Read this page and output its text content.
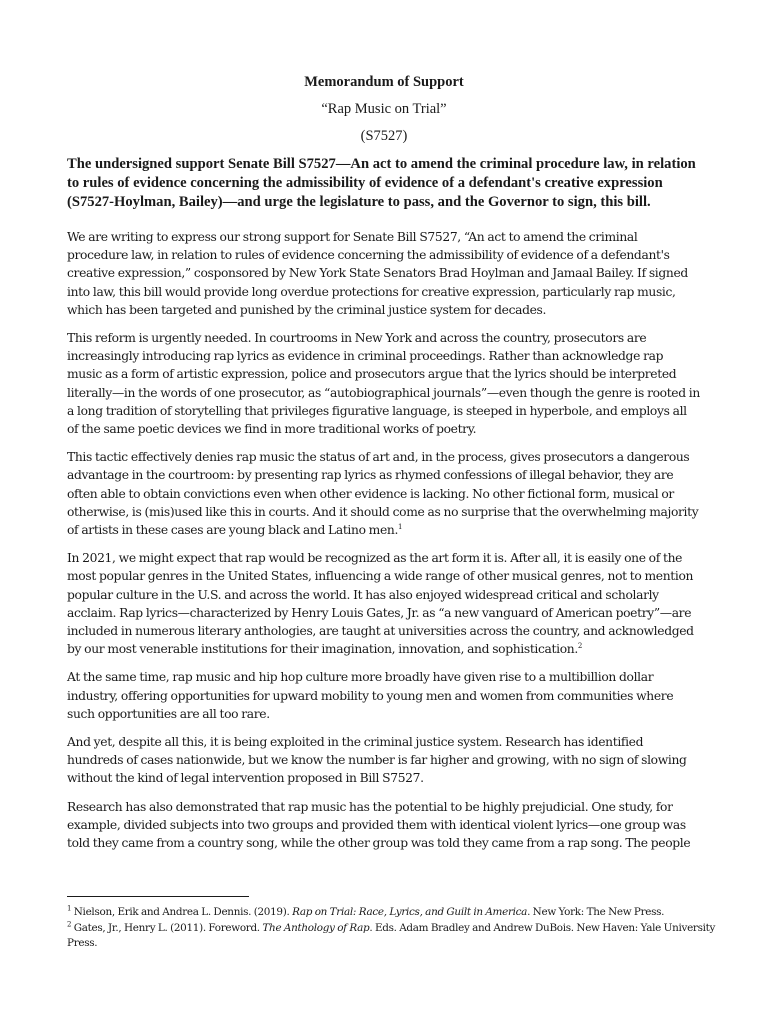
Memorandum of Support
“Rap Music on Trial”
(S7527)
The undersigned support Senate Bill S7527—An act to amend the criminal procedure law, in relation to rules of evidence concerning the admissibility of evidence of a defendant's creative expression (S7527-Hoylman, Bailey)—and urge the legislature to pass, and the Governor to sign, this bill.

We are writing to express our strong support for Senate Bill S7527, “An act to amend the criminal procedure law, in relation to rules of evidence concerning the admissibility of evidence of a defendant's creative expression,” cosponsored by New York State Senators Brad Hoylman and Jamaal Bailey. If signed into law, this bill would provide long overdue protections for creative expression, particularly rap music, which has been targeted and punished by the criminal justice system for decades.

This reform is urgently needed. In courtrooms in New York and across the country, prosecutors are increasingly introducing rap lyrics as evidence in criminal proceedings. Rather than acknowledge rap music as a form of artistic expression, police and prosecutors argue that the lyrics should be interpreted literally—in the words of one prosecutor, as “autobiographical journals”—even though the genre is rooted in a long tradition of storytelling that privileges figurative language, is steeped in hyperbole, and employs all of the same poetic devices we find in more traditional works of poetry.

This tactic effectively denies rap music the status of art and, in the process, gives prosecutors a dangerous advantage in the courtroom: by presenting rap lyrics as rhymed confessions of illegal behavior, they are often able to obtain convictions even when other evidence is lacking. No other fictional form, musical or otherwise, is (mis)used like this in courts. And it should come as no surprise that the overwhelming majority of artists in these cases are young black and Latino men.$^1$

In 2021, we might expect that rap would be recognized as the art form it is. After all, it is easily one of the most popular genres in the United States, influencing a wide range of other musical genres, not to mention popular culture in the U.S. and across the world. It has also enjoyed widespread critical and scholarly acclaim. Rap lyrics—characterized by Henry Louis Gates, Jr. as “a new vanguard of American poetry”—are included in numerous literary anthologies, are taught at universities across the country, and acknowledged by our most venerable institutions for their imagination, innovation, and sophistication.$^2$

At the same time, rap music and hip hop culture more broadly have given rise to a multibillion dollar industry, offering opportunities for upward mobility to young men and women from communities where such opportunities are all too rare.

And yet, despite all this, it is being exploited in the criminal justice system. Research has identified hundreds of cases nationwide, but we know the number is far higher and growing, with no sign of slowing without the kind of legal intervention proposed in Bill S7527.

Research has also demonstrated that rap music has the potential to be highly prejudicial. One study, for example, divided subjects into two groups and provided them with identical violent lyrics—one group was told they came from a country song, while the other group was told they came from a rap song. The people

$^1$ Nielson, Erik and Andrea L. Dennis. (2019). Rap on Trial: Race, Lyrics, and Guilt in America. New York: The New Press.
$^2$ Gates, Jr., Henry L. (2011). Foreword. The Anthology of Rap. Eds. Adam Bradley and Andrew DuBois. New Haven: Yale University Press.
